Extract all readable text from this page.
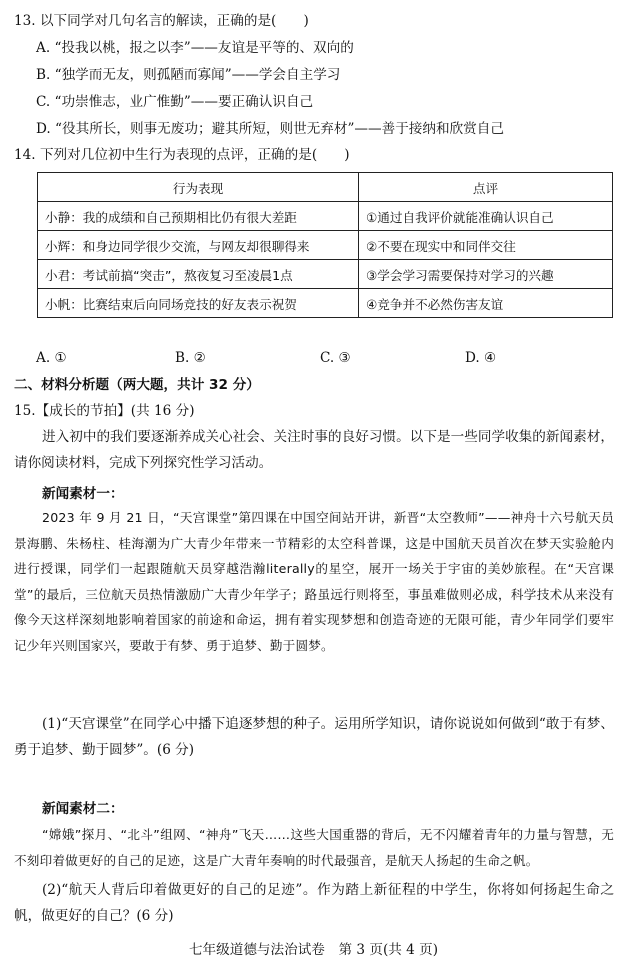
13. 以下同学对几句名言的解读，正确的是(　　)
A. “投我以桃，报之以李”——友谊是平等的、双向的
B. “独学而无友，则孤陋而寡闻”——学会自主学习
C. “功崇惟志，业广惟勤”——要正确认识自己
D. “役其所长，则事无废功；避其所短，则世无弃材”——善于接纳和欣赏自己
14. 下列对几位初中生行为表现的点评，正确的是(　　)
行为表现	点评
小静：我的成绩和自己预期相比仍有很大差距	①通过自我评价就能准确认识自己
小辉：和身边同学很少交流，与网友却很聊得来	②不要在现实中和同伴交往
小君：考试前搞“突击”，熬夜复习至凌晨1点	③学会学习需要保持对学习的兴趣
小帆：比赛结束后向同场竞技的好友表示祝贺	④竞争并不必然伤害友谊
A. ①	B. ②	C. ③	D. ④
二、材料分析题（两大题，共计 32 分）
15.【成长的节拍】(共 16 分)
进入初中的我们要逐渐养成关心社会、关注时事的良好习惯。以下是一些同学收集的新闻素材，请你阅读材料，完成下列探究性学习活动。
新闻素材一：
2023 年 9 月 21 日，“天宫课堂”第四课在中国空间站开讲，新晋“太空教师”——神舟十六号航天员景海鹏、朱杨柱、桂海潮为广大青少年带来一节精彩的太空科普课，这是中国航天员首次在梦天实验舱内进行授课，同学们一起跟随航天员穿越浩瀚literally的星空，展开一场关于宇宙的美妙旅程。在“天宫课堂”的最后，三位航天员热情激励广大青少年学子；路虽远行则将至，事虽难做则必成，科学技术从来没有像今天这样深刻地影响着国家的前途和命运，拥有着实现梦想和创造奇迹的无限可能，青少年同学们要牢记少年兴则国家兴，要敢于有梦、勇于追梦、勤于圆梦。
(1)“天宫课堂”在同学心中播下追逐梦想的种子。运用所学知识，请你说说如何做到“敢于有梦、勇于追梦、勤于圆梦”。(6 分)
新闻素材二：
“嫦娥”探月、“北斗”组网、“神舟”飞天……这些大国重器的背后，无不闪耀着青年的力量与智慧，无不刻印着做更好的自己的足迹，这是广大青年奏响的时代最强音，是航天人扬起的生命之帆。
(2)“航天人背后印着做更好的自己的足迹”。作为踏上新征程的中学生，你将如何扬起生命之帆，做更好的自己？(6 分)
七年级道德与法治试卷　第 3 页(共 4 页)
